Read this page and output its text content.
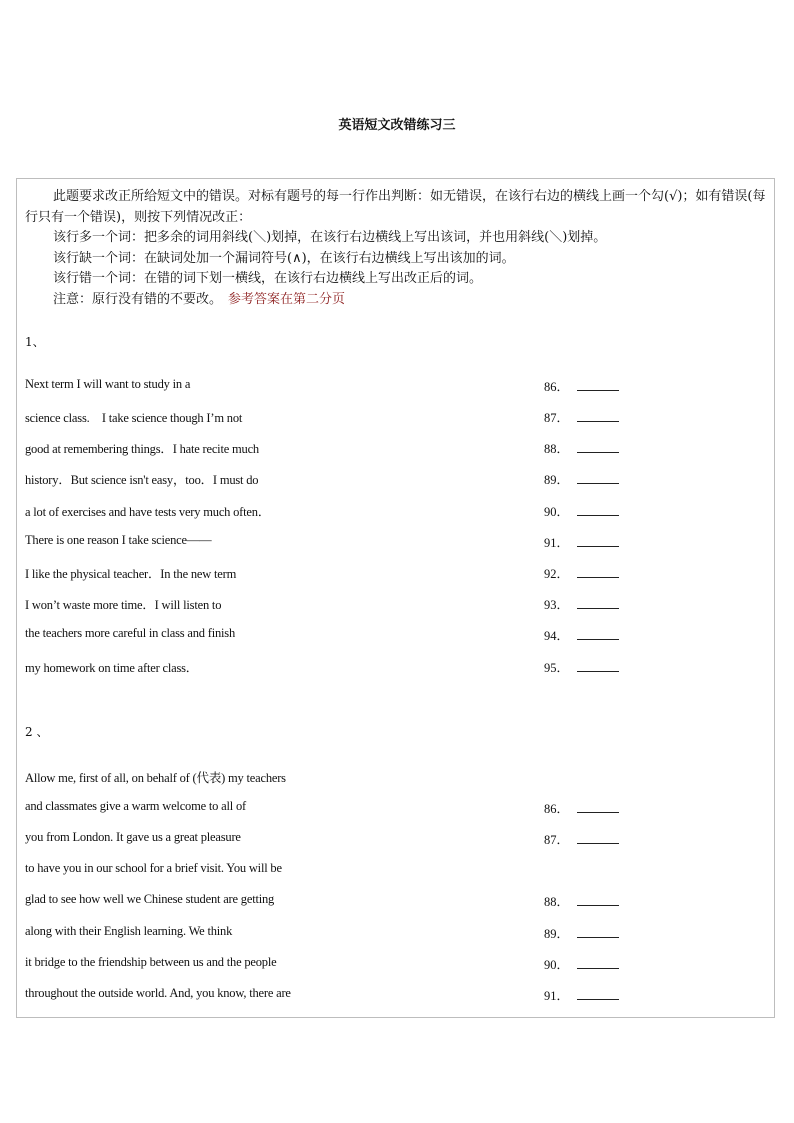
英语短文改错练习三

此题要求改正所给短文中的错误。对标有题号的每一行作出判断：如无错误，在该行右边的横线上画一个勾(√)；如有错误(每行只有一个错误)，则按下列情况改正：

该行多一个词：把多余的词用斜线(＼)划掉，在该行右边横线上写出该词，并也用斜线(＼)划掉。

该行缺一个词：在缺词处加一个漏词符号(∧)，在该行右边横线上写出该加的词。

该行错一个词：在错的词下划一横线，在该行右边横线上写出改正后的词。

注意：原行没有错的不要改。 参考答案在第二分页

1、
Next term I will want to study in a	86．
science class.　I take science though I’m not	87．
good at remembering things．I hate recite much	88．
history．But science isn't easy，too．I must do	89．
a lot of exercises and have tests very much often．	90．
There is one reason I take science——	91．
I like the physical teacher．In the new term	92．
I won’t waste more time．I will listen to	93．
the teachers more careful in class and finish	94．
my homework on time after class．	95．
2 、
Allow me, first of all, on behalf of (代表) my teachers
and classmates give a warm welcome to all of	86．
you from London. It gave us a great pleasure	87．
to have you in our school for a brief visit. You will be
glad to see how well we Chinese student are getting	88．
along with their English learning. We think	89．
it bridge to the friendship between us and the people	90．
throughout the outside world. And, you know, there are	91．
